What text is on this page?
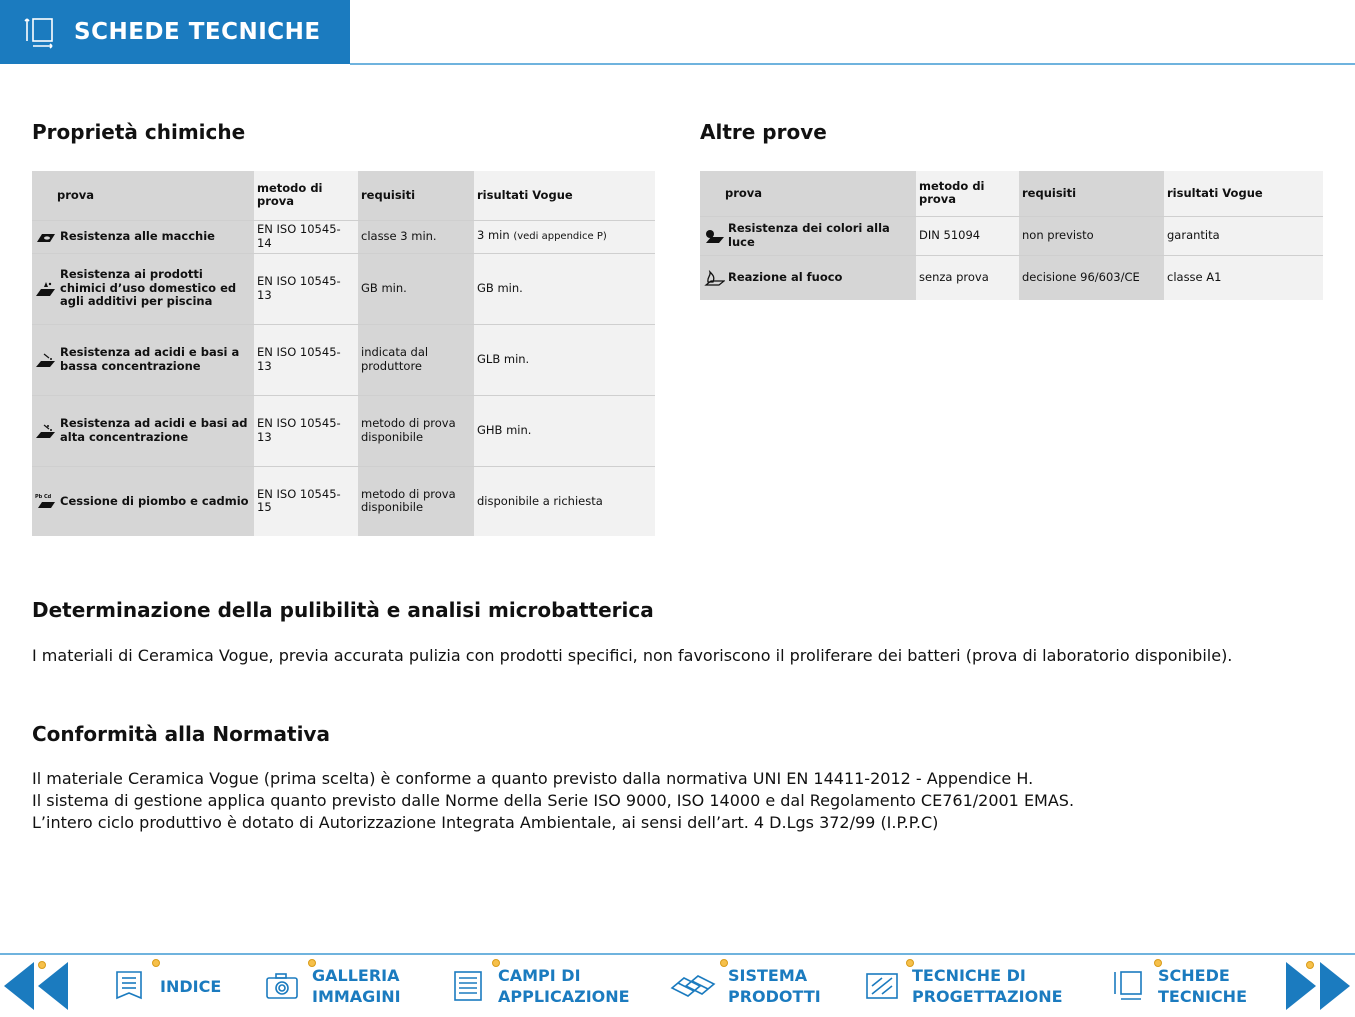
SCHEDE TECNICHE
Proprietà chimiche
prova	metodo di prova	requisiti	risultati Vogue

Resistenza alle macchie	EN ISO 10545-14	classe 3 min.	3 min (vedi appendice P)

Resistenza ai prodotti chimici d’uso domestico ed agli additivi per piscina	EN ISO 10545-13	GB min.	GB min.

Resistenza ad acidi e basi a bassa concentrazione	EN ISO 10545-13	indicata dal produttore	GLB min.

Resistenza ad acidi e basi ad alta concentrazione	EN ISO 10545-13	metodo di prova disponibile	GHB min.

Pb Cd Cessione di piombo e cadmio	EN ISO 10545-15	metodo di prova disponibile	disponibile a richiesta
Altre prove
prova	metodo di prova	requisiti	risultati Vogue

Resistenza dei colori alla luce	DIN 51094	non previsto	garantita

Reazione al fuoco	senza prova	decisione 96/603/CE	classe A1
Determinazione della pulibilità e analisi microbatterica

I materiali di Ceramica Vogue, previa accurata pulizia con prodotti specifici, non favoriscono il proliferare dei batteri (prova di laboratorio disponibile).

Conformità alla Normativa

Il materiale Ceramica Vogue (prima scelta) è conforme a quanto previsto dalla normativa UNI EN 14411-2012 - Appendice H.

Il sistema di gestione applica quanto previsto dalle Norme della Serie ISO 9000, ISO 14000 e dal Regolamento CE761/2001 EMAS.

L’intero ciclo produttivo è dotato di Autorizzazione Integrata Ambientale, ai sensi dell’art. 4 D.Lgs 372/99 (I.P.P.C)

INDICE
GALLERIA
IMMAGINI
CAMPI DI
APPLICAZIONE
SISTEMA
PRODOTTI
TECNICHE DI
PROGETTAZIONE
SCHEDE
TECNICHE
